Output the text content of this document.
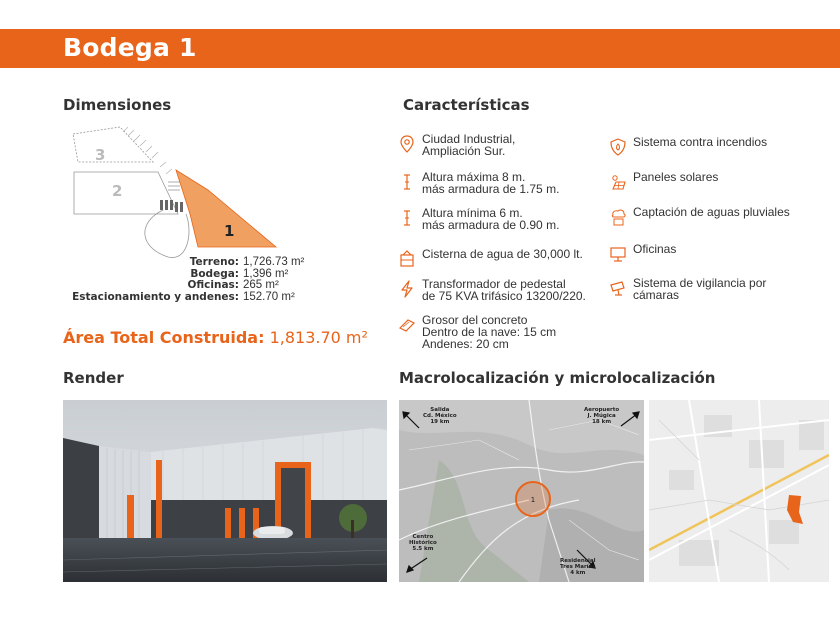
Bodega 1
Dimensiones
3
2
1
Terreno: 1,726.73 m²
Bodega: 1,396 m²
Oficinas: 265 m²
Estacionamiento y andenes: 152.70 m²
Área Total Construida: 1,813.70 m²
Características
Ciudad Industrial,
Ampliación Sur.
Altura máxima 8 m.
más armadura de 1.75 m.
Altura mínima 6 m.
más armadura de 0.90 m.
Cisterna de agua de 30,000 lt.
Transformador de pedestal
de 75 KVA trifásico 13200/220.
Grosor del concreto
Dentro de la nave: 15 cm
Andenes: 20 cm
Sistema contra incendios
Paneles solares
Captación de aguas pluviales
Oficinas
Sistema de vigilancia por
cámaras
Render	Macrolocalización y microlocalización
1
Salida
Cd. México
19 km
Aeropuerto
J. Múgica
18 km
Centro
Histórico
5.5 km
Residencial
Tres Marías
4 km
